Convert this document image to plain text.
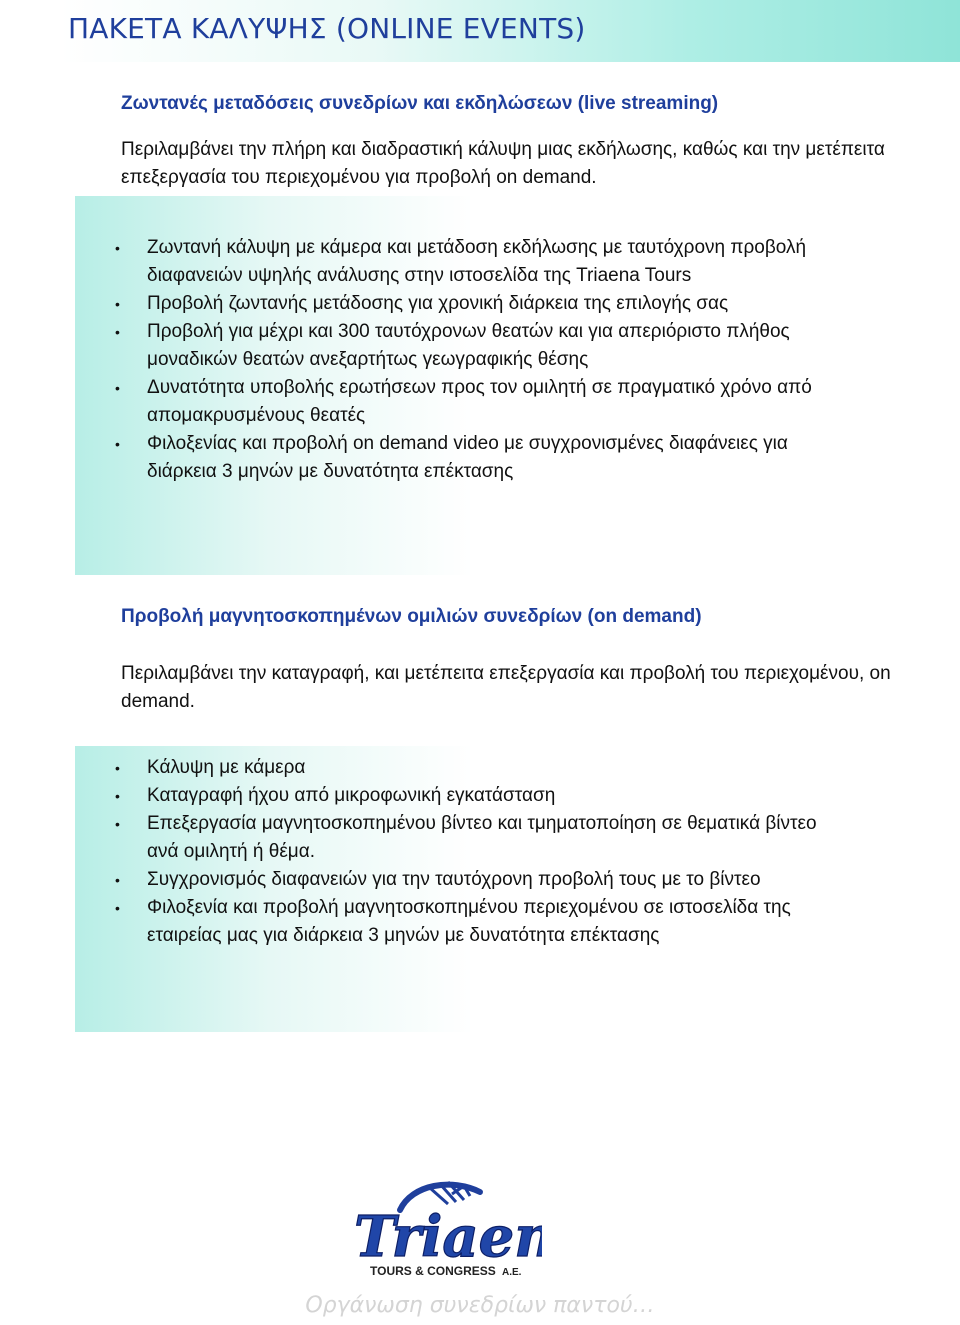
ΠΑΚΕΤΑ ΚΑΛΥΨΗΣ (ONLINE EVENTS)
Ζωντανές μεταδόσεις συνεδρίων και εκδηλώσεων (live streaming)
Περιλαμβάνει την πλήρη και διαδραστική κάλυψη μιας εκδήλωσης, καθώς και την μετέπειτα επεξεργασία του περιεχομένου για προβολή on demand.
• Ζωντανή κάλυψη με κάμερα και μετάδοση εκδήλωσης με ταυτόχρονη προβολή διαφανειών υψηλής ανάλυσης στην ιστοσελίδα της Triaena Tours
• Προβολή ζωντανής μετάδοσης για χρονική διάρκεια της επιλογής σας
• Προβολή για μέχρι και 300 ταυτόχρονων θεατών και για απεριόριστο πλήθος μοναδικών θεατών ανεξαρτήτως γεωγραφικής θέσης
• Δυνατότητα υποβολής ερωτήσεων προς τον ομιλητή σε πραγματικό χρόνο από απομακρυσμένους θεατές
• Φιλοξενίας και προβολή on demand video με συγχρονισμένες διαφάνειες για διάρκεια 3 μηνών με δυνατότητα επέκτασης
Προβολή μαγνητοσκοπημένων ομιλιών συνεδρίων (on demand)
Περιλαμβάνει την καταγραφή, και μετέπειτα επεξεργασία και προβολή του περιεχομένου, on demand.
• Κάλυψη με κάμερα
• Καταγραφή ήχου από μικροφωνική εγκατάσταση
• Επεξεργασία μαγνητοσκοπημένου βίντεο και τμηματοποίηση σε θεματικά βίντεο ανά ομιλητή ή θέμα.
• Συγχρονισμός διαφανειών για την ταυτόχρονη προβολή τους με το βίντεο
• Φιλοξενία και προβολή μαγνητοσκοπημένου περιεχομένου σε ιστοσελίδα της εταιρείας μας για διάρκεια 3 μηνών με δυνατότητα επέκτασης
Triae
TOURS & CONGRESS A.E.
Οργάνωση συνεδρίων παντού…
